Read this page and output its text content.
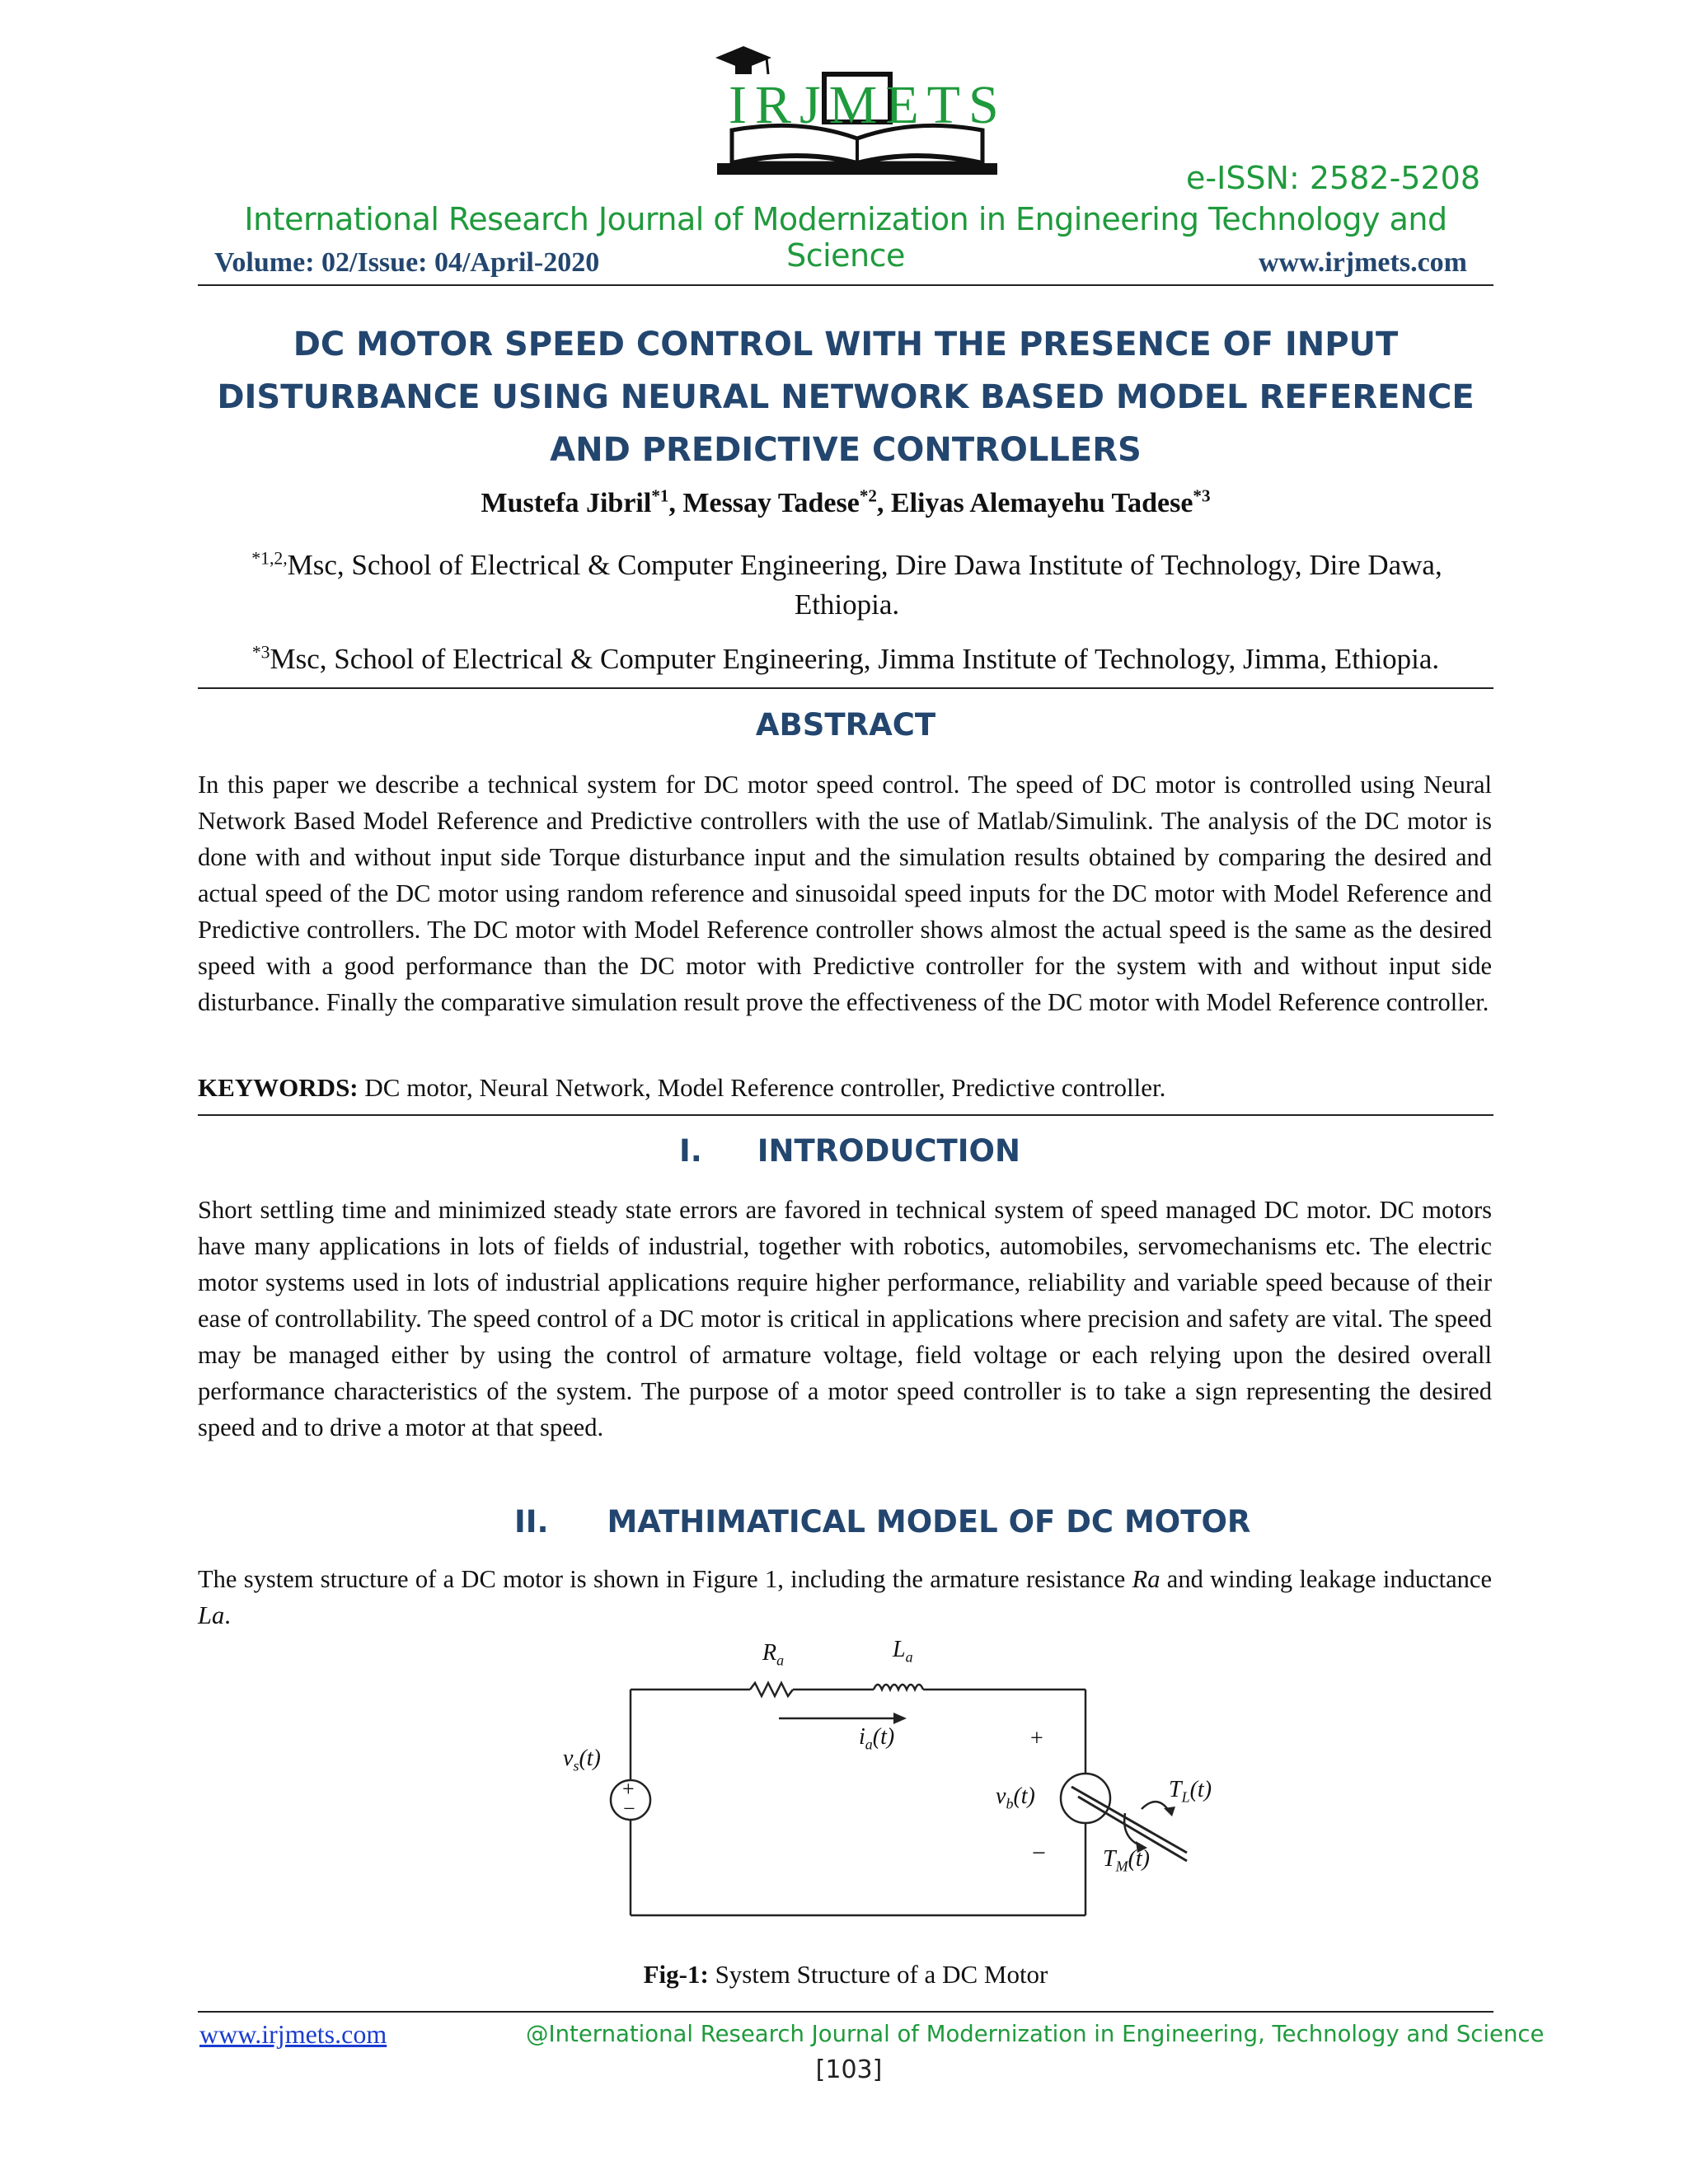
IRJMETS
e-ISSN: 2582-5208
International Research Journal of Modernization in Engineering Technology and Science
Volume: 02/Issue: 04/April-2020	www.irjmets.com
DC MOTOR SPEED CONTROL WITH THE PRESENCE OF INPUT
DISTURBANCE USING NEURAL NETWORK BASED MODEL REFERENCE
AND PREDICTIVE CONTROLLERS
Mustefa Jibril$^{*1}$, Messay Tadese$^{*2}$, Eliyas Alemayehu Tadese$^{*3}$
$^{*1,2,}$Msc, School of Electrical & Computer Engineering, Dire Dawa Institute of Technology, Dire Dawa, Ethiopia.
$^{*3}$Msc, School of Electrical & Computer Engineering, Jimma Institute of Technology, Jimma, Ethiopia.
ABSTRACT

In this paper we describe a technical system for DC motor speed control. The speed of DC motor is controlled using Neural Network Based Model Reference and Predictive controllers with the use of Matlab/Simulink. The analysis of the DC motor is done with and without input side Torque disturbance input and the simulation results obtained by comparing the desired and actual speed of the DC motor using random reference and sinusoidal speed inputs for the DC motor with Model Reference and Predictive controllers. The DC motor with Model Reference controller shows almost the actual speed is the same as the desired speed with a good performance than the DC motor with Predictive controller for the system with and without input side disturbance. Finally the comparative simulation result prove the effectiveness of the DC motor with Model Reference controller.

KEYWORDS: DC motor, Neural Network, Model Reference controller, Predictive controller.
I. INTRODUCTION

Short settling time and minimized steady state errors are favored in technical system of speed managed DC motor. DC motors have many applications in lots of fields of industrial, together with robotics, automobiles, servomechanisms etc. The electric motor systems used in lots of industrial applications require higher performance, reliability and variable speed because of their ease of controllability. The speed control of a DC motor is critical in applications where precision and safety are vital. The speed may be managed either by using the control of armature voltage, field voltage or each relying upon the desired overall performance characteristics of the system. The purpose of a motor speed controller is to take a sign representing the desired speed and to drive a motor at that speed.

II. MATHIMATICAL MODEL OF DC MOTOR

The system structure of a DC motor is shown in Figure 1, including the armature resistance Ra and winding leakage inductance La.

$R_a$	$L_a$
$i_a(t)$
$v_s(t)$
+
−
+
−
$v_b(t)$	$T_L(t)$
$T_M(t)$
Fig-1: System Structure of a DC Motor
www.irjmets.com	@International Research Journal of Modernization in Engineering, Technology and Science
[103]
